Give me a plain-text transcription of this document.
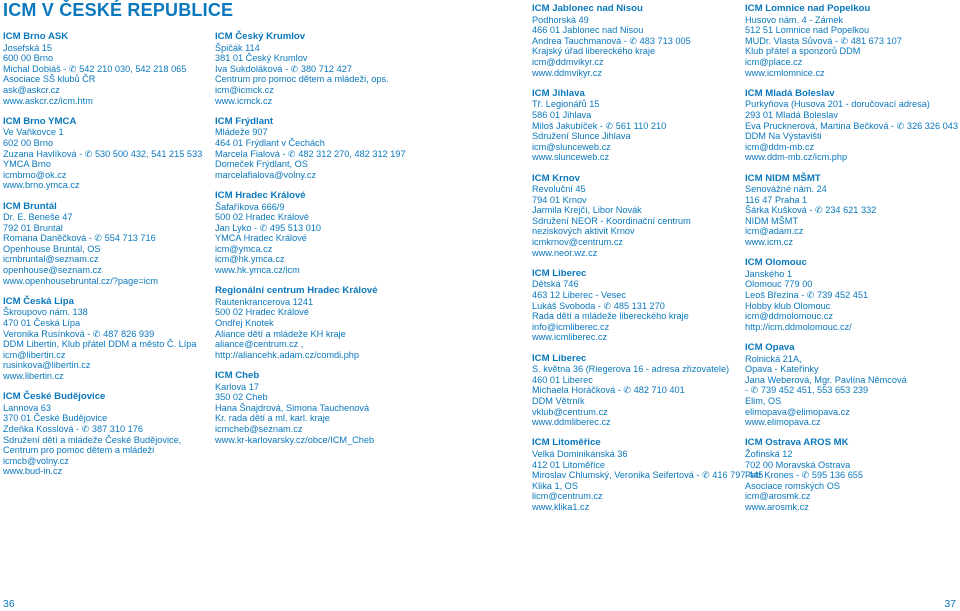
ICM V ČESKÉ REPUBLICE
ICM Brno ASK
Josefská 15
600 00 Brno
Michal Dobiáš - ✆ 542 210 030, 542 218 065
Asociace SŠ klubů ČR
ask@askcr.cz
www.askcr.cz/icm.htm
ICM Brno YMCA
Ve Vaňkovce 1
602 00 Brno
Zuzana Havlíková - ✆ 530 500 432, 541 215 533
YMCA Brno
icmbrno@ok.cz
www.brno.ymca.cz
ICM Bruntál
Dr. E. Beneše 47
792 01 Bruntál
Romana Daněčková - ✆ 554 713 716
Openhouse Bruntál, OS
icmbruntal@seznam.cz
openhouse@seznam.cz
www.openhousebruntal.cz/?page=icm
ICM Česká Lípa
Škroupovo nám. 138
470 01 Česká Lípa
Veronika Rusínková - ✆ 487 826 939
DDM Libertin, Klub přátel DDM a město Č. Lípa
icm@libertin.cz
rusinkova@libertin.cz
www.libertin.cz
ICM České Budějovice
Lannova 63
370 01 České Budějovice
Zdeňka Kosslová - ✆ 387 310 176
Sdružení dětí a mládeže České Budějovice,
Centrum pro pomoc dětem a mládeži
icmcb@volny.cz
www.bud-in.cz
ICM Český Krumlov
Špičák 114
381 01 Český Krumlov
Iva Sukdoláková - ✆ 380 712 427
Centrum pro pomoc dětem a mládeži, ops.
icm@icmck.cz
www.icmck.cz
ICM Frýdlant
Mládeže 907
464 01 Frýdlant v Čechách
Marcela Fialová - ✆ 482 312 270, 482 312 197
Domeček Frýdlant, OS
marcelafialova@volny.cz
ICM Hradec Králové
Šafaříkova 666/9
500 02 Hradec Králové
Jan Lyko - ✆ 495 513 010
YMCA Hradec Králové
icm@ymca.cz
icm@hk.ymca.cz
www.hk.ymca.cz/icm
Regionální centrum Hradec Králové
Rautenkrancerova 1241
500 02 Hradec Králové
Ondřej Knotek
Aliance dětí a mládeže KH kraje
aliance@centrum.cz ,
http://aliancehk.adam.cz/comdi.php
ICM Cheb
Karlova 17
350 02 Cheb
Hana Šnajdrová, Simona Tauchenová
Kr. rada dětí a ml. karl. kraje
icmcheb@seznam.cz
www.kr-karlovarsky.cz/obce/ICM_Cheb
ICM Jablonec nad Nisou
Podhorská 49
466 01 Jablonec nad Nisou
Andrea Tauchmanová - ✆ 483 713 005
Krajský úřad libereckého kraje
icm@ddmvikyr.cz
www.ddmvikyr.cz
ICM Jihlava
Tř. Legionářů 15
586 01 Jihlava
Miloš Jakubíček - ✆ 561 110 210
Sdružení Slunce Jihlava
icm@slunceweb.cz
www.slunceweb.cz
ICM Krnov
Revoluční 45
794 01 Krnov
Jarmila Krejčí, Libor Novák
Sdružení NEOR - Koordinační centrum
neziskových aktivit Krnov
icmkrnov@centrum.cz
www.neor.wz.cz
ICM Liberec
Dětská 746
463 12 Liberec - Vesec
Lukáš Svoboda - ✆ 485 131 270
Rada dětí a mládeže libereckého kraje
info@icmliberec.cz
www.icmliberec.cz
ICM Liberec
S. května 36 (Riegerova 16 - adresa zřizovatele)
460 01 Liberec
Michaela Horáčková - ✆ 482 710 401
DDM Větrník
vklub@centrum.cz
www.ddmliberec.cz
ICM Litoměřice
Velká Dominikánská 36
412 01 Litoměřice
Miroslav Chlumský, Veronika Seifertová - ✆ 416 797 445
Klika 1, OS
licm@centrum.cz
www.klika1.cz
ICM Lomnice nad Popelkou
Husovo nám. 4 - Zámek
512 51 Lomnice nad Popelkou
MUDr. Vlasta Sůvová - ✆ 481 673 107
Klub přátel a sponzorů DDM
icm@place.cz
www.icmlomnice.cz
ICM Mladá Boleslav
Purkyňova (Husova 201 - doručovací adresa)
293 01 Mladá Boleslav
Eva Prucknerová, Martina Bečková - ✆ 326 326 043
DDM Na Výstavišti
icm@ddm-mb.cz
www.ddm-mb.cz/icm.php
ICM NIDM MŠMT
Senovážné nám. 24
116 47 Praha 1
Šárka Kušková - ✆ 234 621 332
NIDM MŠMT
icm@adam.cz
www.icm.cz
ICM Olomouc
Janského 1
Olomouc 779 00
Leoš Březina - ✆ 739 452 451
Hobby klub Olomouc
icm@ddmolomouc.cz
http://icm.ddmolomouc.cz/
ICM Opava
Rolnická 21A,
Opava - Kateřinky
Jana Weberová, Mgr. Pavlína Němcová
- ✆ 739 452 451, 553 653 239
Elim, OS
elimopava@elimopava.cz
www.elimopava.cz
ICM Ostrava AROS MK
Žofinská 12
702 00 Moravská Ostrava
Petr Krones - ✆ 595 136 655
Asociace romských OS
icm@arosmk.cz
www.arosmk.cz
36	37
